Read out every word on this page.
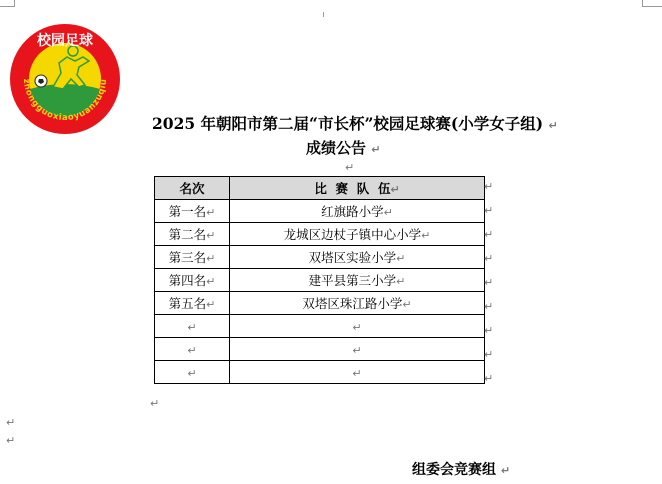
校园足球
zhongguoxiaoyuanzuqiu
2025 年朝阳市第二届“市长杯”校园足球赛(小学女子组) ↵
成绩公告 ↵
↵
名次	比  赛  队  伍↵
第一名↵	红旗路小学↵
第二名↵	龙城区边杖子镇中心小学↵
第三名↵	双塔区实验小学↵
第四名↵	建平县第三小学↵
第五名↵	双塔区珠江路小学↵
↵	↵
↵	↵
↵	↵
↵
↵
↵
↵
↵
↵
↵
↵
↵
↵
↵
↵
组委会竞赛组 ↵
